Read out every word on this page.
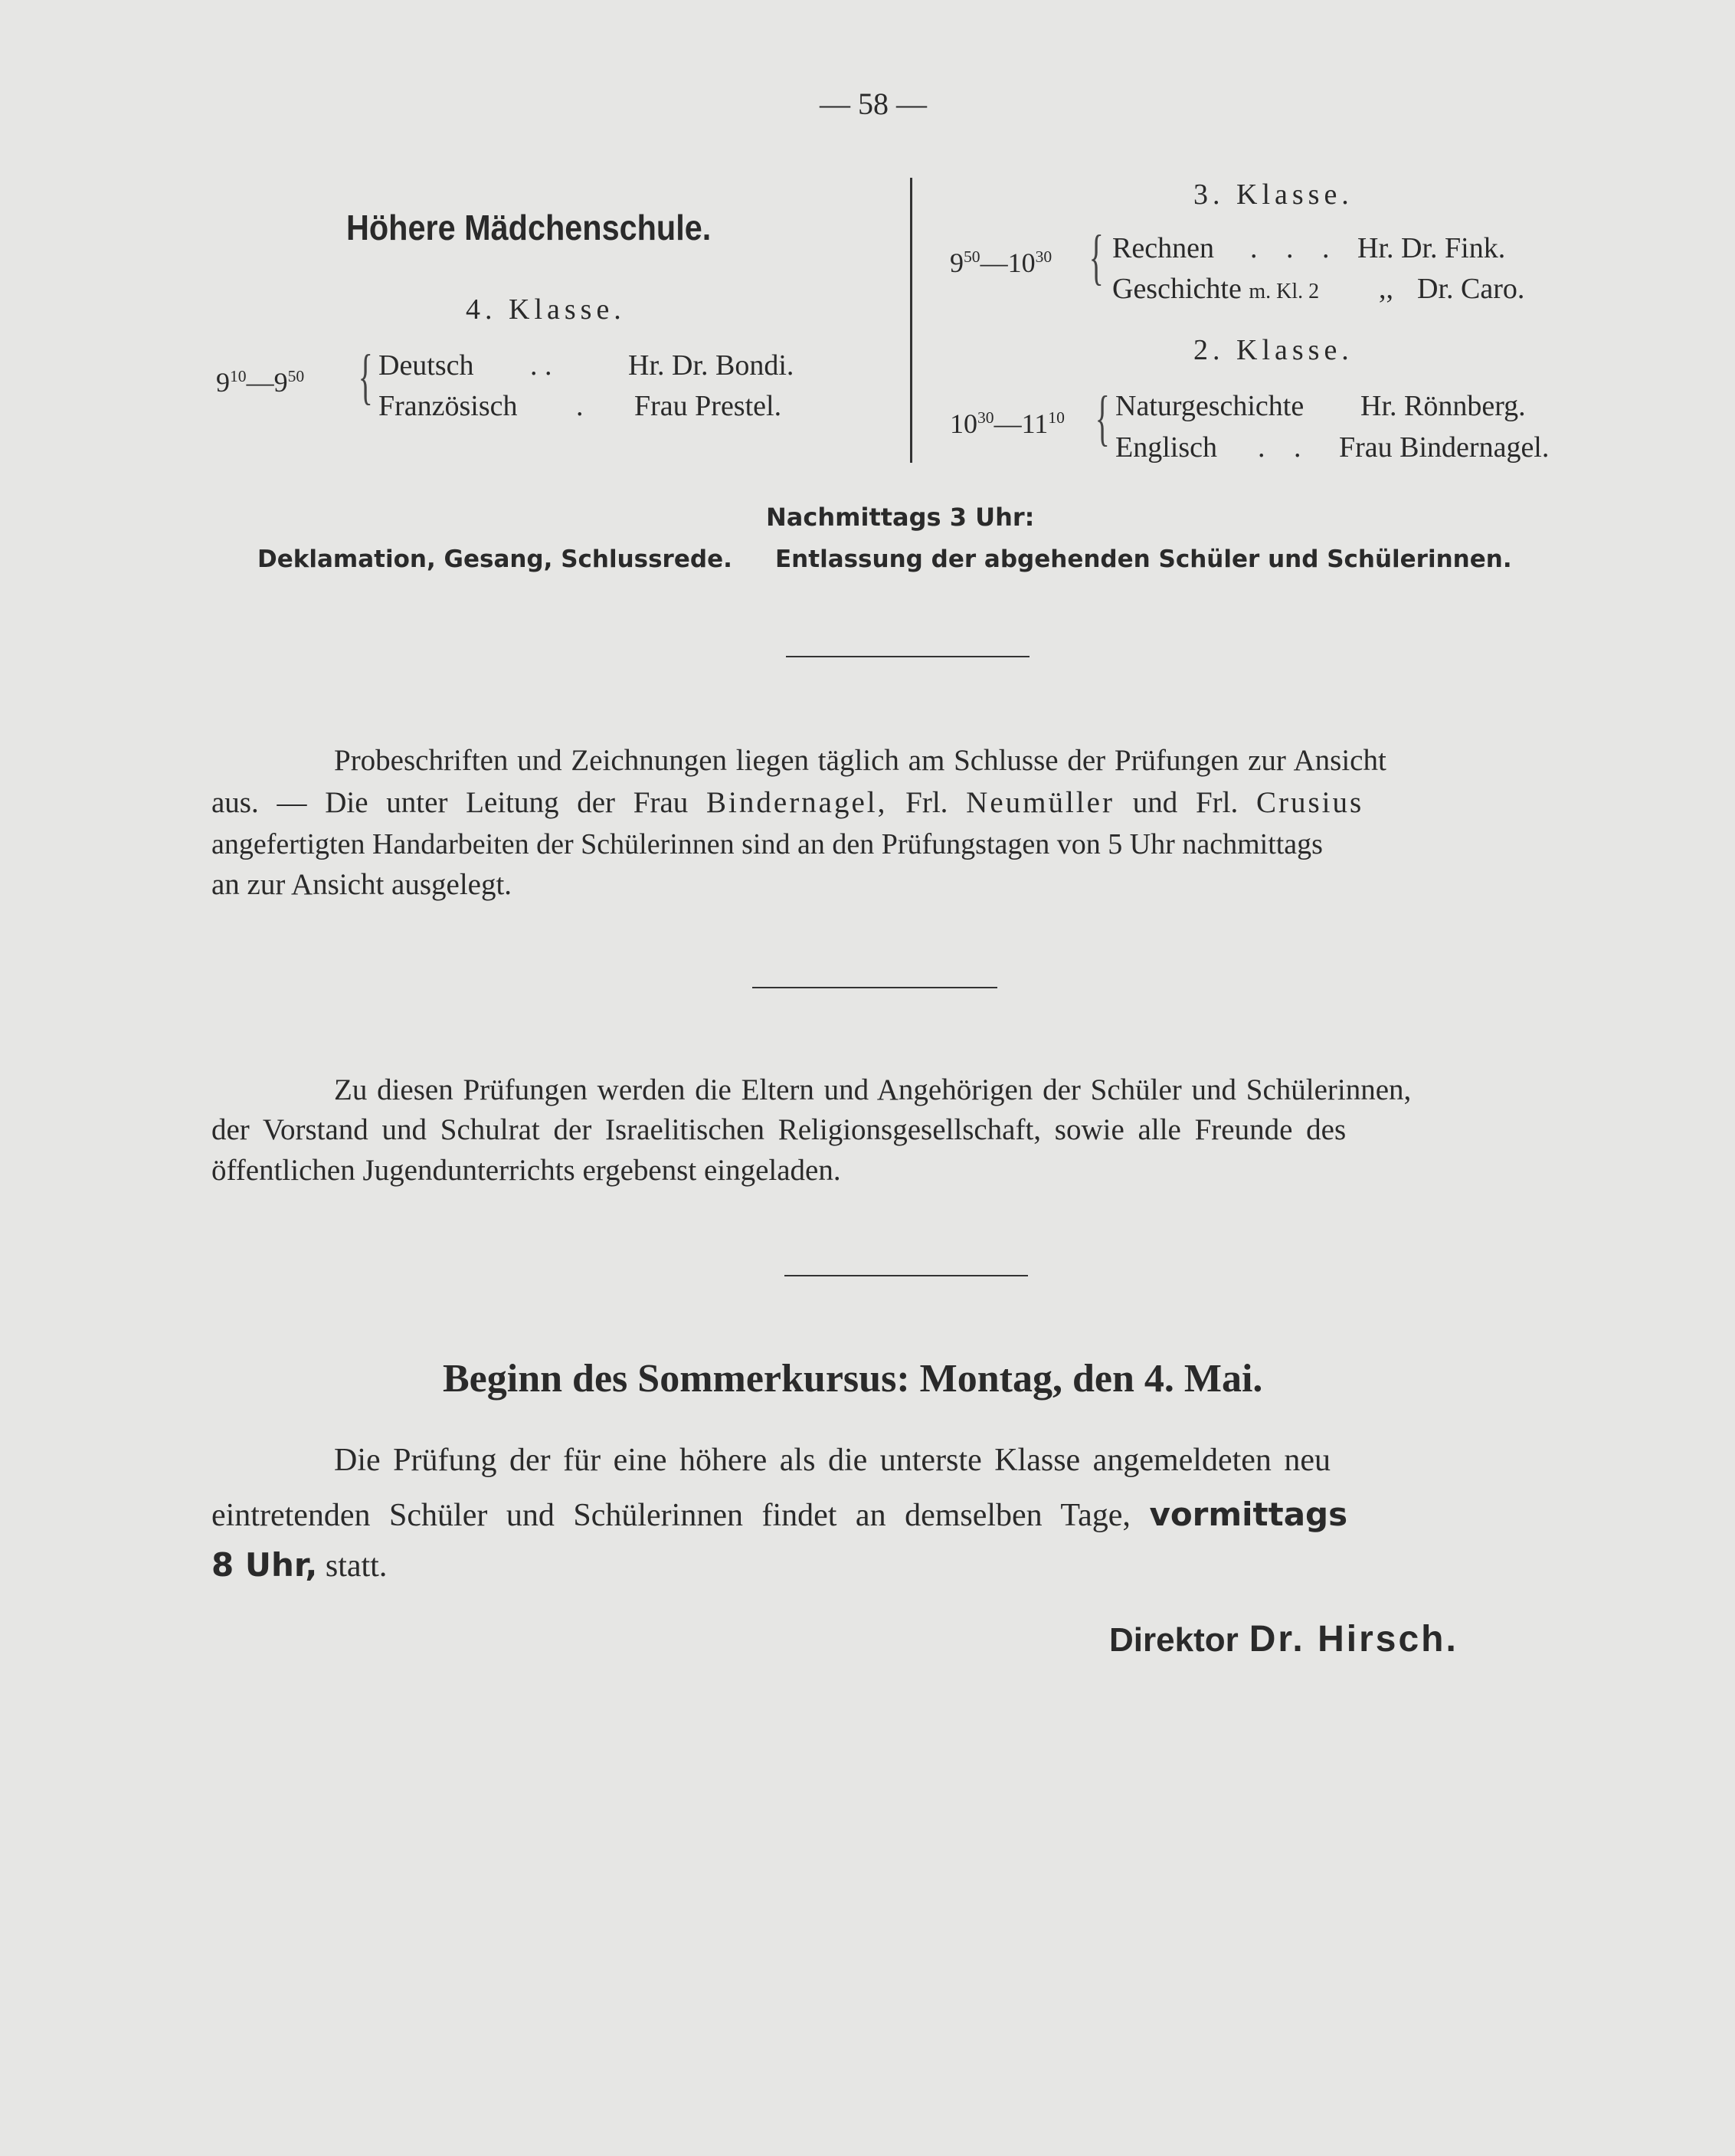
— 58 —
Höhere Mädchenschule.
4. Klasse.
$9^{10}—9^{50}$ { Deutsch . .	Hr. Dr. Bondi.
Französisch . Frau Prestel.
3. Klasse.
$9^{50}—10^{30}$ { Rechnen . . . Hr. Dr. Fink.
Geschichte m. Kl. 2 ,, Dr. Caro.
2. Klasse.
$10^{30}—11^{10}$ { Naturgeschichte Hr. Rönnberg.
Englisch . . Frau Bindernagel.
Nachmittags 3 Uhr:
Deklamation, Gesang, Schlussrede. Entlassung der abgehenden Schüler und Schülerinnen.
Probeschriften und Zeichnungen liegen täglich am Schlusse der Prüfungen zur Ansicht
aus. — Die unter Leitung der Frau Bindernagel, Frl. Neumüller und Frl. Crusius
angefertigten Handarbeiten der Schülerinnen sind an den Prüfungstagen von 5 Uhr nachmittags
an zur Ansicht ausgelegt.
Zu diesen Prüfungen werden die Eltern und Angehörigen der Schüler und Schülerinnen,
der Vorstand und Schulrat der Israelitischen Religionsgesellschaft, sowie alle Freunde des
öffentlichen Jugendunterrichts ergebenst eingeladen.
Beginn des Sommerkursus: Montag, den 4. Mai.
Die Prüfung der für eine höhere als die unterste Klasse angemeldeten neu
eintretenden Schüler und Schülerinnen findet an demselben Tage, vormittags
8 Uhr, statt.
Direktor Dr. Hirsch.
